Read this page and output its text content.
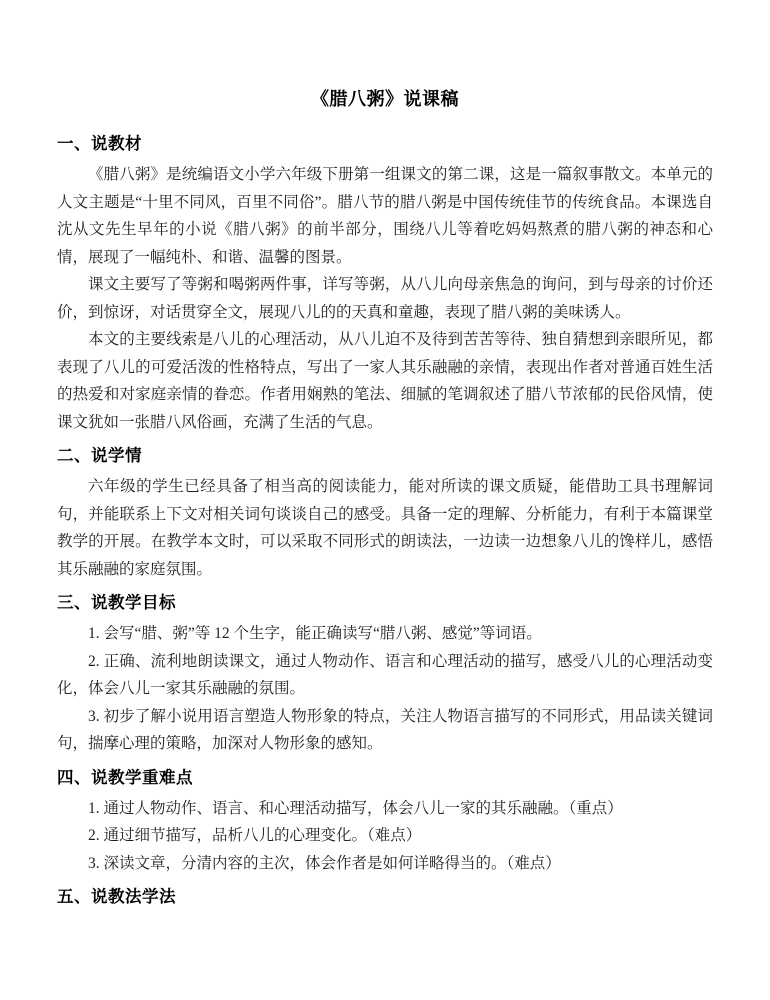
《腊八粥》说课稿
一、说教材

《腊八粥》是统编语文小学六年级下册第一组课文的第二课，这是一篇叙事散文。本单元的人文主题是“十里不同风，百里不同俗”。腊八节的腊八粥是中国传统佳节的传统食品。本课选自沈从文先生早年的小说《腊八粥》的前半部分，围绕八儿等着吃妈妈熬煮的腊八粥的神态和心情，展现了一幅纯朴、和谐、温馨的图景。

课文主要写了等粥和喝粥两件事，详写等粥，从八儿向母亲焦急的询问，到与母亲的讨价还价，到惊讶，对话贯穿全文，展现八儿的的天真和童趣，表现了腊八粥的美味诱人。

本文的主要线索是八儿的心理活动，从八儿迫不及待到苦苦等待、独自猜想到亲眼所见，都表现了八儿的可爱活泼的性格特点，写出了一家人其乐融融的亲情，表现出作者对普通百姓生活的热爱和对家庭亲情的眷恋。作者用娴熟的笔法、细腻的笔调叙述了腊八节浓郁的民俗风情，使课文犹如一张腊八风俗画，充满了生活的气息。

二、说学情

六年级的学生已经具备了相当高的阅读能力，能对所读的课文质疑，能借助工具书理解词句，并能联系上下文对相关词句谈谈自己的感受。具备一定的理解、分析能力，有利于本篇课堂教学的开展。在教学本文时，可以采取不同形式的朗读法，一边读一边想象八儿的馋样儿，感悟其乐融融的家庭氛围。

三、说教学目标

1. 会写“腊、粥”等 12 个生字，能正确读写“腊八粥、感觉”等词语。

2. 正确、流利地朗读课文，通过人物动作、语言和心理活动的描写，感受八儿的心理活动变化，体会八儿一家其乐融融的氛围。

3. 初步了解小说用语言塑造人物形象的特点，关注人物语言描写的不同形式，用品读关键词句，揣摩心理的策略，加深对人物形象的感知。

四、说教学重难点

1. 通过人物动作、语言、和心理活动描写，体会八儿一家的其乐融融。（重点）

2. 通过细节描写，品析八儿的心理变化。（难点）

3. 深读文章，分清内容的主次，体会作者是如何详略得当的。（难点）

五、说教法学法
